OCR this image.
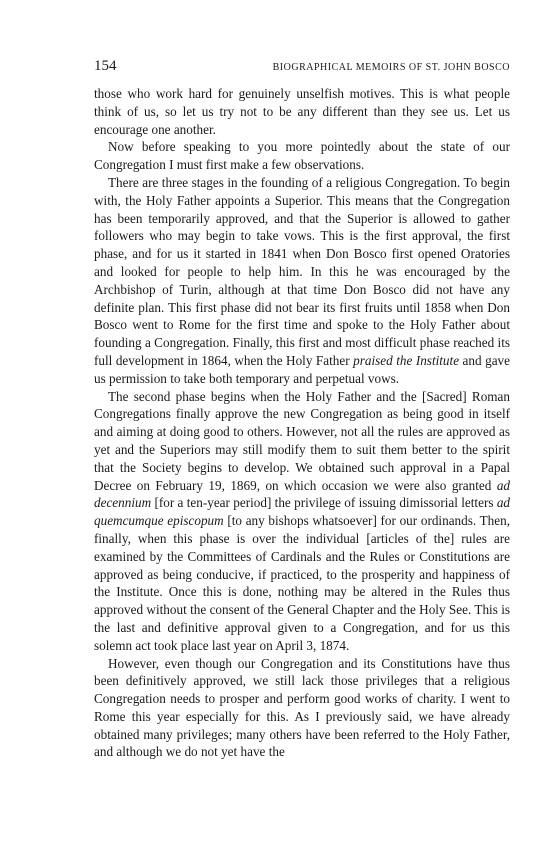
154	BIOGRAPHICAL MEMOIRS OF ST. JOHN BOSCO

those who work hard for genuinely unselfish motives. This is what people think of us, so let us try not to be any different than they see us. Let us encourage one another.

Now before speaking to you more pointedly about the state of our Congregation I must first make a few observations.

There are three stages in the founding of a religious Congregation. To begin with, the Holy Father appoints a Superior. This means that the Congregation has been temporarily approved, and that the Superior is allowed to gather followers who may begin to take vows. This is the first approval, the first phase, and for us it started in 1841 when Don Bosco first opened Oratories and looked for people to help him. In this he was encouraged by the Archbishop of Turin, although at that time Don Bosco did not have any definite plan. This first phase did not bear its first fruits until 1858 when Don Bosco went to Rome for the first time and spoke to the Holy Father about founding a Congregation. Finally, this first and most difficult phase reached its full development in 1864, when the Holy Father praised the Institute and gave us permission to take both temporary and perpetual vows.

The second phase begins when the Holy Father and the [Sacred] Roman Congregations finally approve the new Congregation as being good in itself and aiming at doing good to others. However, not all the rules are approved as yet and the Superiors may still modify them to suit them better to the spirit that the Society begins to develop. We obtained such approval in a Papal Decree on February 19, 1869, on which occasion we were also granted ad decennium [for a ten-year period] the privilege of issuing dimissorial letters ad quemcumque episcopum [to any bishops whatsoever] for our ordinands. Then, finally, when this phase is over the individual [articles of the] rules are examined by the Committees of Cardinals and the Rules or Constitutions are approved as being conducive, if practiced, to the prosperity and happiness of the Institute. Once this is done, nothing may be altered in the Rules thus approved without the consent of the General Chapter and the Holy See. This is the last and definitive approval given to a Congregation, and for us this solemn act took place last year on April 3, 1874.

However, even though our Congregation and its Constitutions have thus been definitively approved, we still lack those privileges that a religious Congregation needs to prosper and perform good works of charity. I went to Rome this year especially for this. As I previously said, we have already obtained many privileges; many others have been referred to the Holy Father, and although we do not yet have the
